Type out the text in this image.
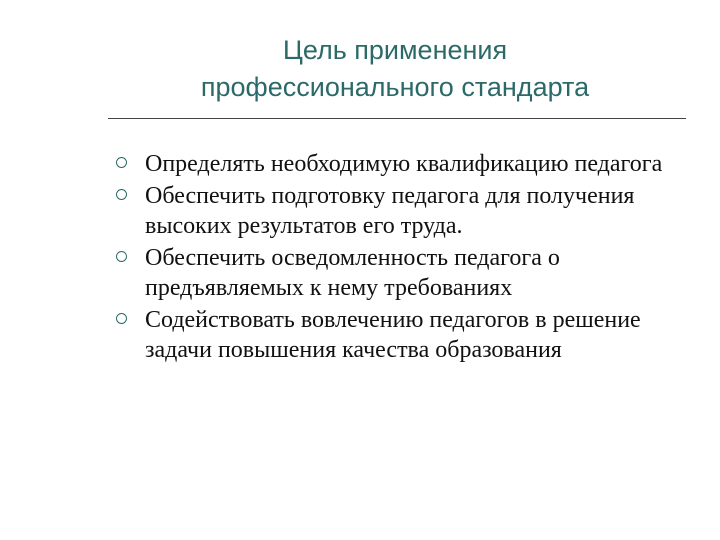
Цель применения
профессионального стандарта
Определять необходимую квалификацию педагога
Обеспечить подготовку педагога для получения высоких результатов его труда.
Обеспечить осведомленность педагога о предъявляемых к нему требованиях
Содействовать вовлечению педагогов в решение задачи повышения качества образования
